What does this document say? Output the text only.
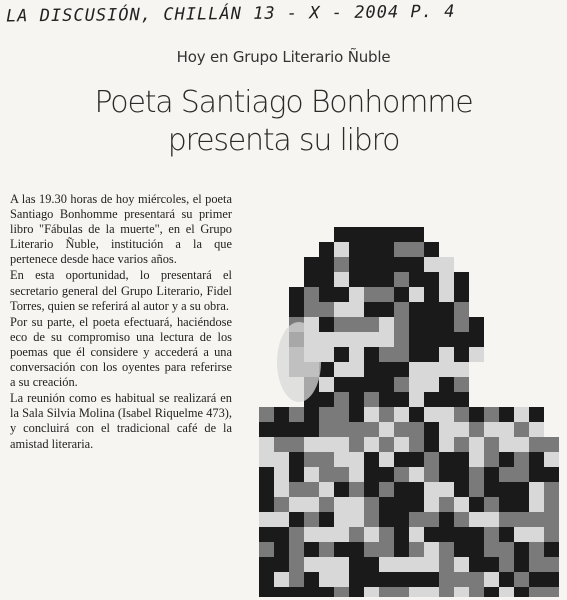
LA DISCUSIÓN, CHILLÁN 13 - X - 2004 P. 4
Hoy en Grupo Literario Ñuble
Poeta Santiago Bonhomme
presenta su libro

A las 19.30 horas de hoy miércoles, el poeta Santiago Bonhomme presentará su primer libro "Fábulas de la muerte", en el Grupo Literario Ñuble, institución a la que pertenece desde hace varios años.

En esta oportunidad, lo presentará el secretario general del Grupo Literario, Fidel Torres, quien se referirá al autor y a su obra.

Por su parte, el poeta efectuará, haciéndose eco de su compromiso una lectura de los poemas que él considere y accederá a una conversación con los oyentes para referirse a su creación.

La reunión como es habitual se realizará en la Sala Silvia Molina (Isabel Riquelme 473), y concluirá con el tradicional café de la amistad literaria.
